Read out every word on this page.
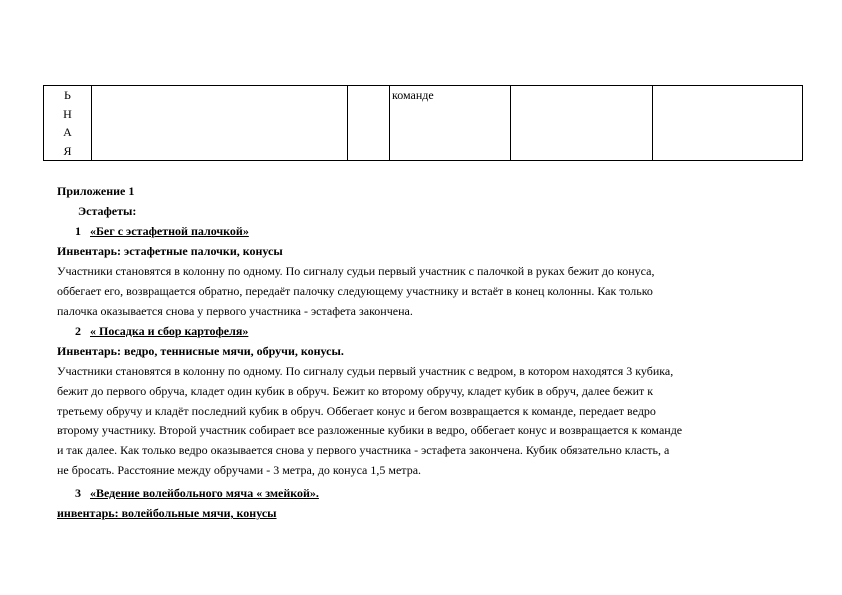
Ь
Н
А
Я
			команде		
Приложение 1
Эстафеты:
1 «Бег с эстафетной палочкой»
Инвентарь: эстафетные палочки, конусы
Участники становятся в колонну по одному. По сигналу судьи первый участник с палочкой в руках бежит до конуса,
оббегает его, возвращается обратно, передаёт палочку следующему участнику и встаёт в конец колонны. Как только
палочка оказывается снова у первого участника - эстафета закончена.
2 « Посадка и сбор картофеля»
Инвентарь: ведро, теннисные мячи, обручи, конусы.
Участники становятся в колонну по одному. По сигналу судьи первый участник с ведром, в котором находятся 3 кубика,
бежит до первого обруча, кладет один кубик в обруч. Бежит ко второму обручу, кладет кубик в обруч, далее бежит к
третьему обручу и кладёт последний кубик в обруч. Оббегает конус и бегом возвращается к команде, передает ведро
второму участнику. Второй участник собирает все разложенные кубики в ведро, оббегает конус и возвращается к команде
и так далее. Как только ведро оказывается снова у первого участника - эстафета закончена. Кубик обязательно класть, а
не бросать. Расстояние между обручами - 3 метра, до конуса 1,5 метра.
3 «Ведение волейбольного мяча « змейкой».
инвентарь: волейбольные мячи, конусы
